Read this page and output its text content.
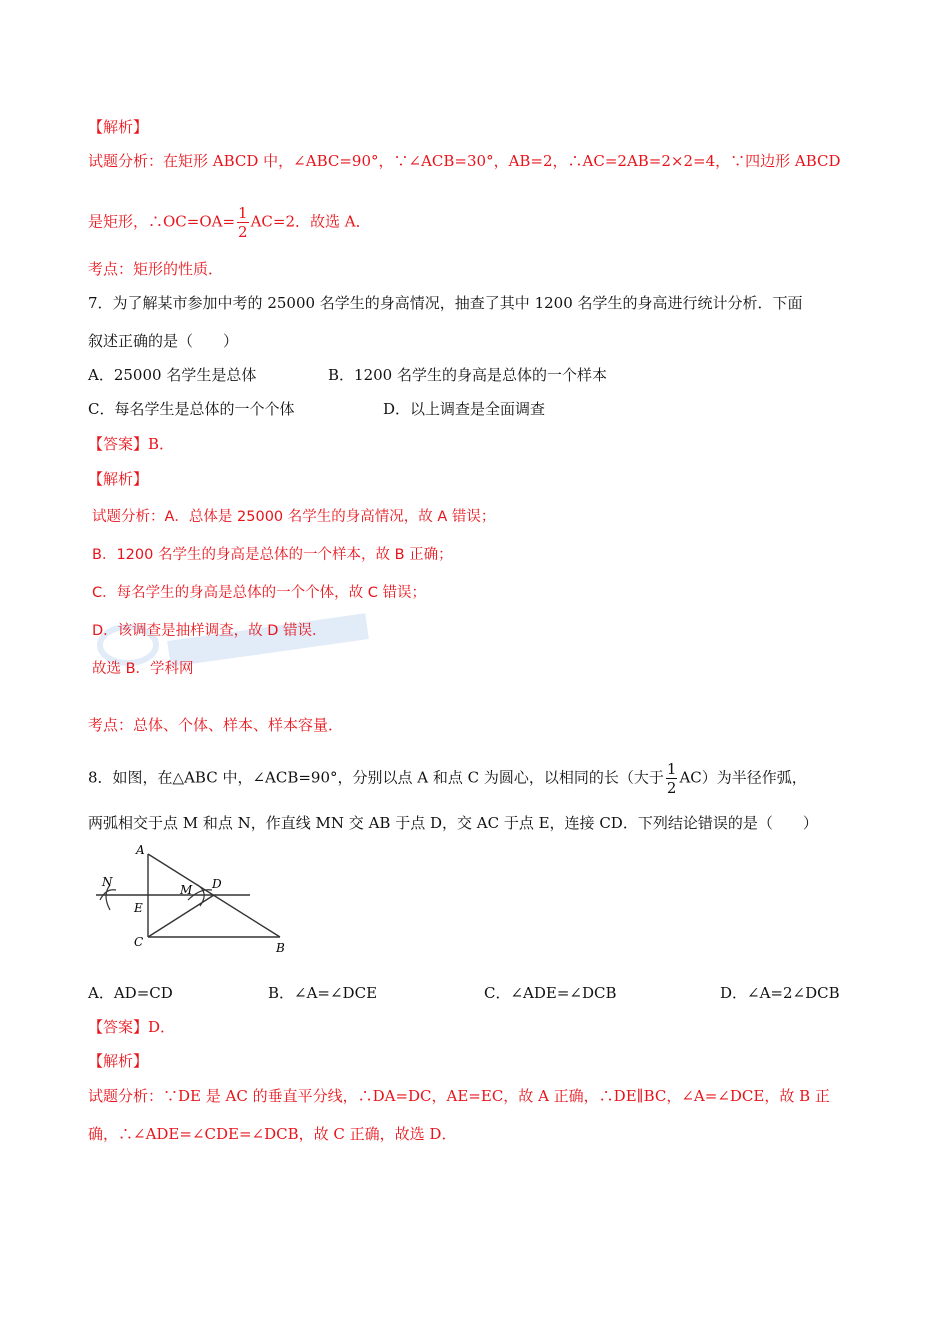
【解析】
试题分析：在矩形 ABCD 中，∠ABC=90°，∵∠ACB=30°，AB=2，∴AC=2AB=2×2=4，∵四边形 ABCD
是矩形，∴OC=OA= $\frac{1}{2} AC=2$．故选 A．
考点：矩形的性质．
7．为了解某市参加中考的 25000 名学生的身高情况，抽查了其中 1200 名学生的身高进行统计分析．下面
叙述正确的是（　　）
A．25000 名学生是总体	B．1200 名学生的身高是总体的一个样本
C．每名学生是总体的一个个体	D．以上调查是全面调查
【答案】B．
【解析】
试题分析：A．总体是 25000 名学生的身高情况，故 A 错误；
B．1200 名学生的身高是总体的一个样本，故 B 正确；
C．每名学生的身高是总体的一个个体，故 C 错误；
D．该调查是抽样调查，故 D 错误．
故选 B．学科网
考点：总体、个体、样本、样本容量．
8．如图，在△ABC 中，∠ACB=90°，分别以点 A 和点 C 为圆心，以相同的长（大于 $\frac{1}{2} AC$）为半径作弧，
两弧相交于点 M 和点 N，作直线 MN 交 AB 于点 D，交 AC 于点 E，连接 CD．下列结论错误的是（　　）
A
E
C	B
D
M
N
A．AD=CD	B．∠A=∠DCE	C．∠ADE=∠DCB	D．∠A=2∠DCB
【答案】D．
【解析】
试题分析：∵DE 是 AC 的垂直平分线，∴DA=DC，AE=EC，故 A 正确，∴DE∥BC，∠A=∠DCE，故 B 正
确，∴∠ADE=∠CDE=∠DCB，故 C 正确，故选 D．
